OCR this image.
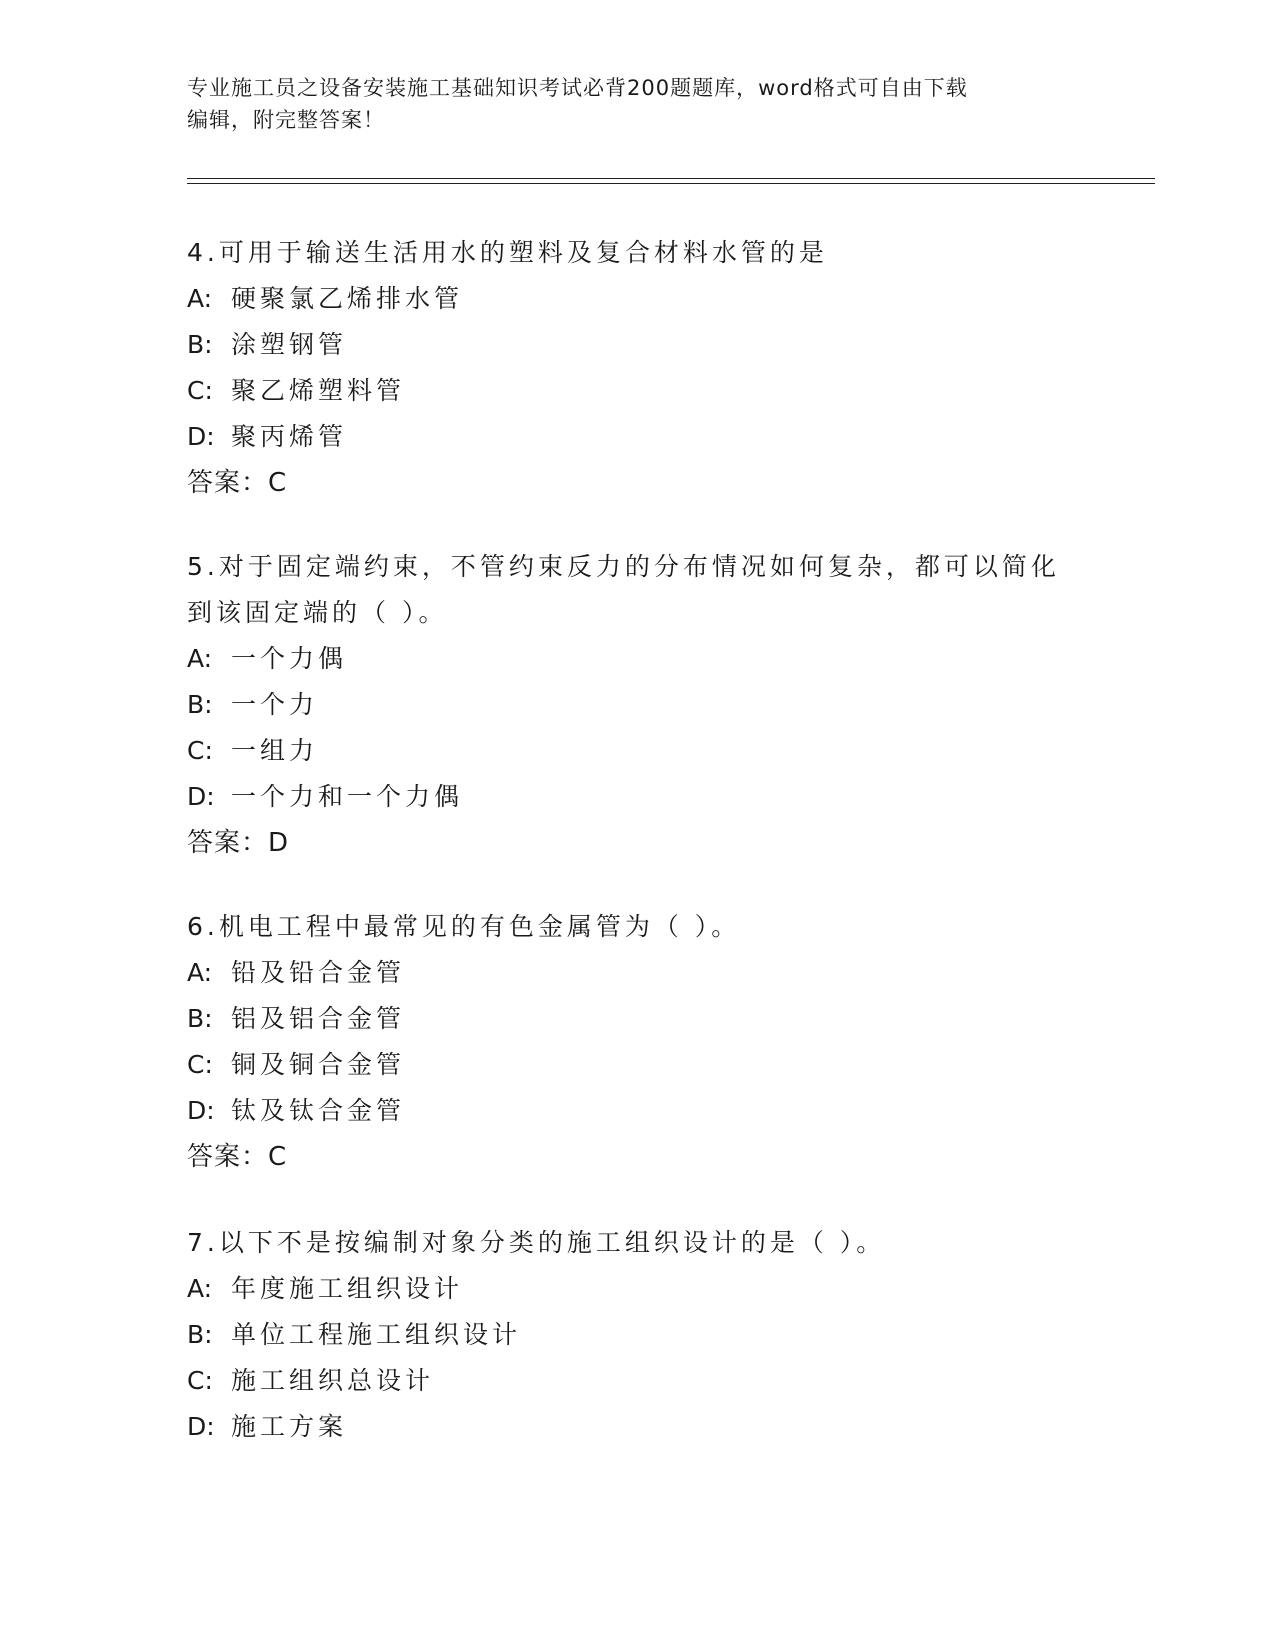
专业施工员之设备安装施工基础知识考试必背200题题库，word格式可自由下载
编辑，附完整答案！

4.可用于输送生活用水的塑料及复合材料水管的是

A: 硬聚氯乙烯排水管

B: 涂塑钢管

C: 聚乙烯塑料管

D: 聚丙烯管

答案：C

5.对于固定端约束，不管约束反力的分布情况如何复杂，都可以简化

到该固定端的（ ）。

A: 一个力偶

B: 一个力

C: 一组力

D: 一个力和一个力偶

答案：D

6.机电工程中最常见的有色金属管为（ ）。

A: 铅及铅合金管

B: 铝及铝合金管

C: 铜及铜合金管

D: 钛及钛合金管

答案：C

7.以下不是按编制对象分类的施工组织设计的是（ ）。

A: 年度施工组织设计

B: 单位工程施工组织设计

C: 施工组织总设计

D: 施工方案
